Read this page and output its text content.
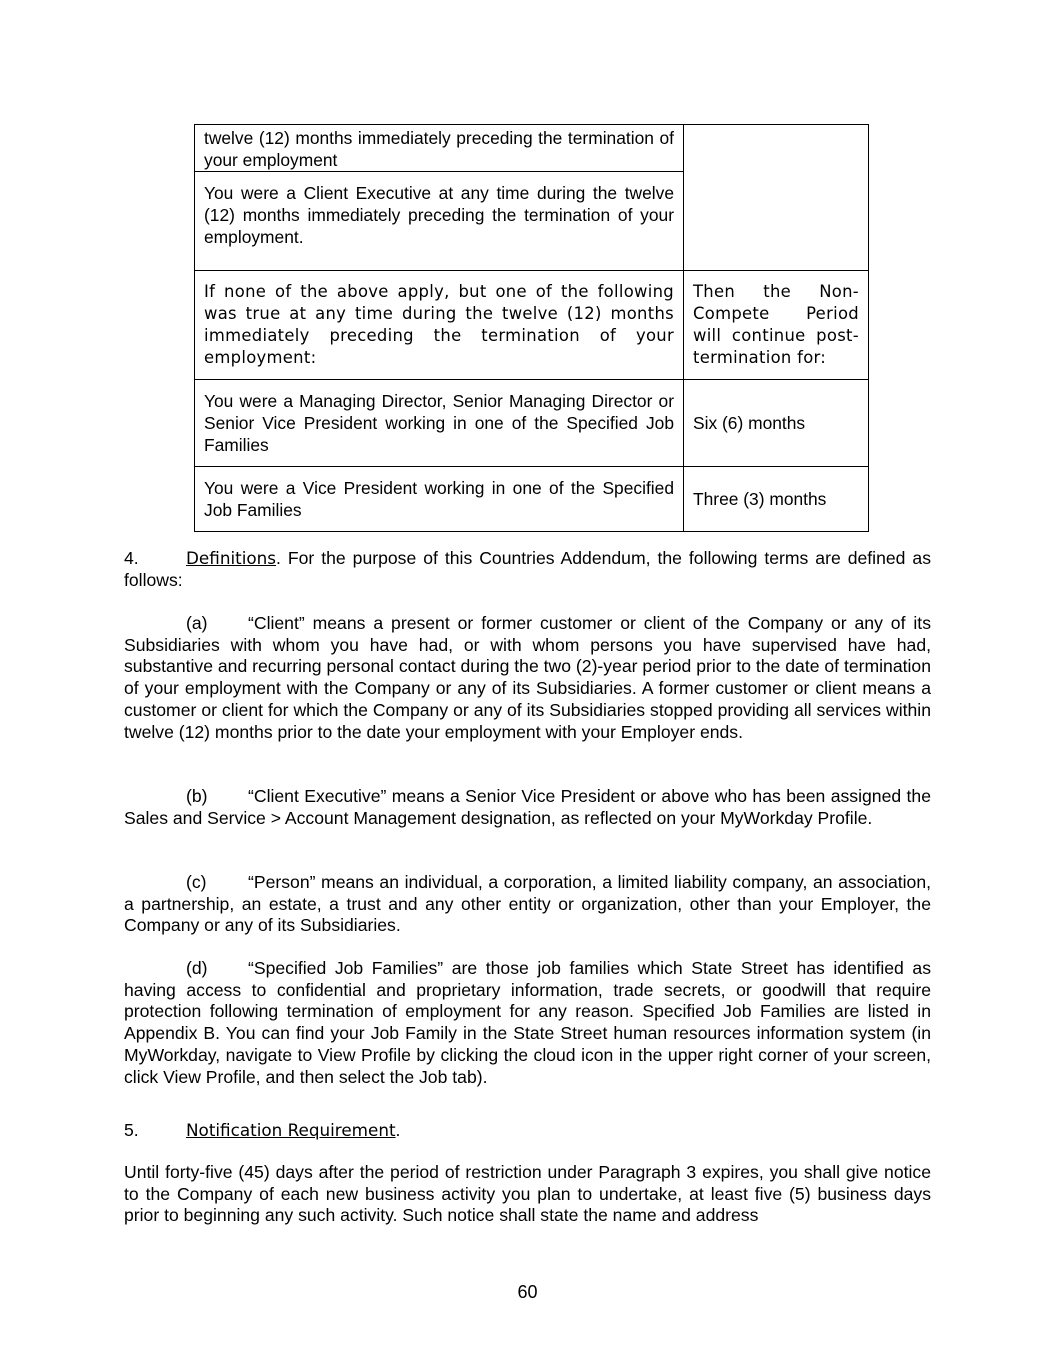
twelve (12) months immediately preceding the termination of your employment	
You were a Client Executive at any time during the twelve (12) months immediately preceding the termination of your employment.	
If none of the above apply, but one of the following was true at any time during the twelve (12) months immediately preceding the termination of your employment:	Then the Non-Compete Period will continue post-termination for:
You were a Managing Director, Senior Managing Director or Senior Vice President working in one of the Specified Job Families	Six (6) months
You were a Vice President working in one of the Specified Job Families	Three (3) months

4.	Definitions. For the purpose of this Countries Addendum, the following terms are defined as follows:

(a) “Client” means a present or former customer or client of the Company or any of its Subsidiaries with whom you have had, or with whom persons you have supervised have had, substantive and recurring personal contact during the two (2)-year period prior to the date of termination of your employment with the Company or any of its Subsidiaries. A former customer or client means a customer or client for which the Company or any of its Subsidiaries stopped providing all services within twelve (12) months prior to the date your employment with your Employer ends.

(b) “Client Executive” means a Senior Vice President or above who has been assigned the Sales and Service > Account Management designation, as reflected on your MyWorkday Profile.

(c) “Person” means an individual, a corporation, a limited liability company, an association, a partnership, an estate, a trust and any other entity or organization, other than your Employer, the Company or any of its Subsidiaries.

(d) “Specified Job Families” are those job families which State Street has identified as having access to confidential and proprietary information, trade secrets, or goodwill that require protection following termination of employment for any reason. Specified Job Families are listed in Appendix B. You can find your Job Family in the State Street human resources information system (in MyWorkday, navigate to View Profile by clicking the cloud icon in the upper right corner of your screen, click View Profile, and then select the Job tab).

5.	Notification Requirement.

Until forty-five (45) days after the period of restriction under Paragraph 3 expires, you shall give notice to the Company of each new business activity you plan to undertake, at least five (5) business days prior to beginning any such activity. Such notice shall state the name and address

60
